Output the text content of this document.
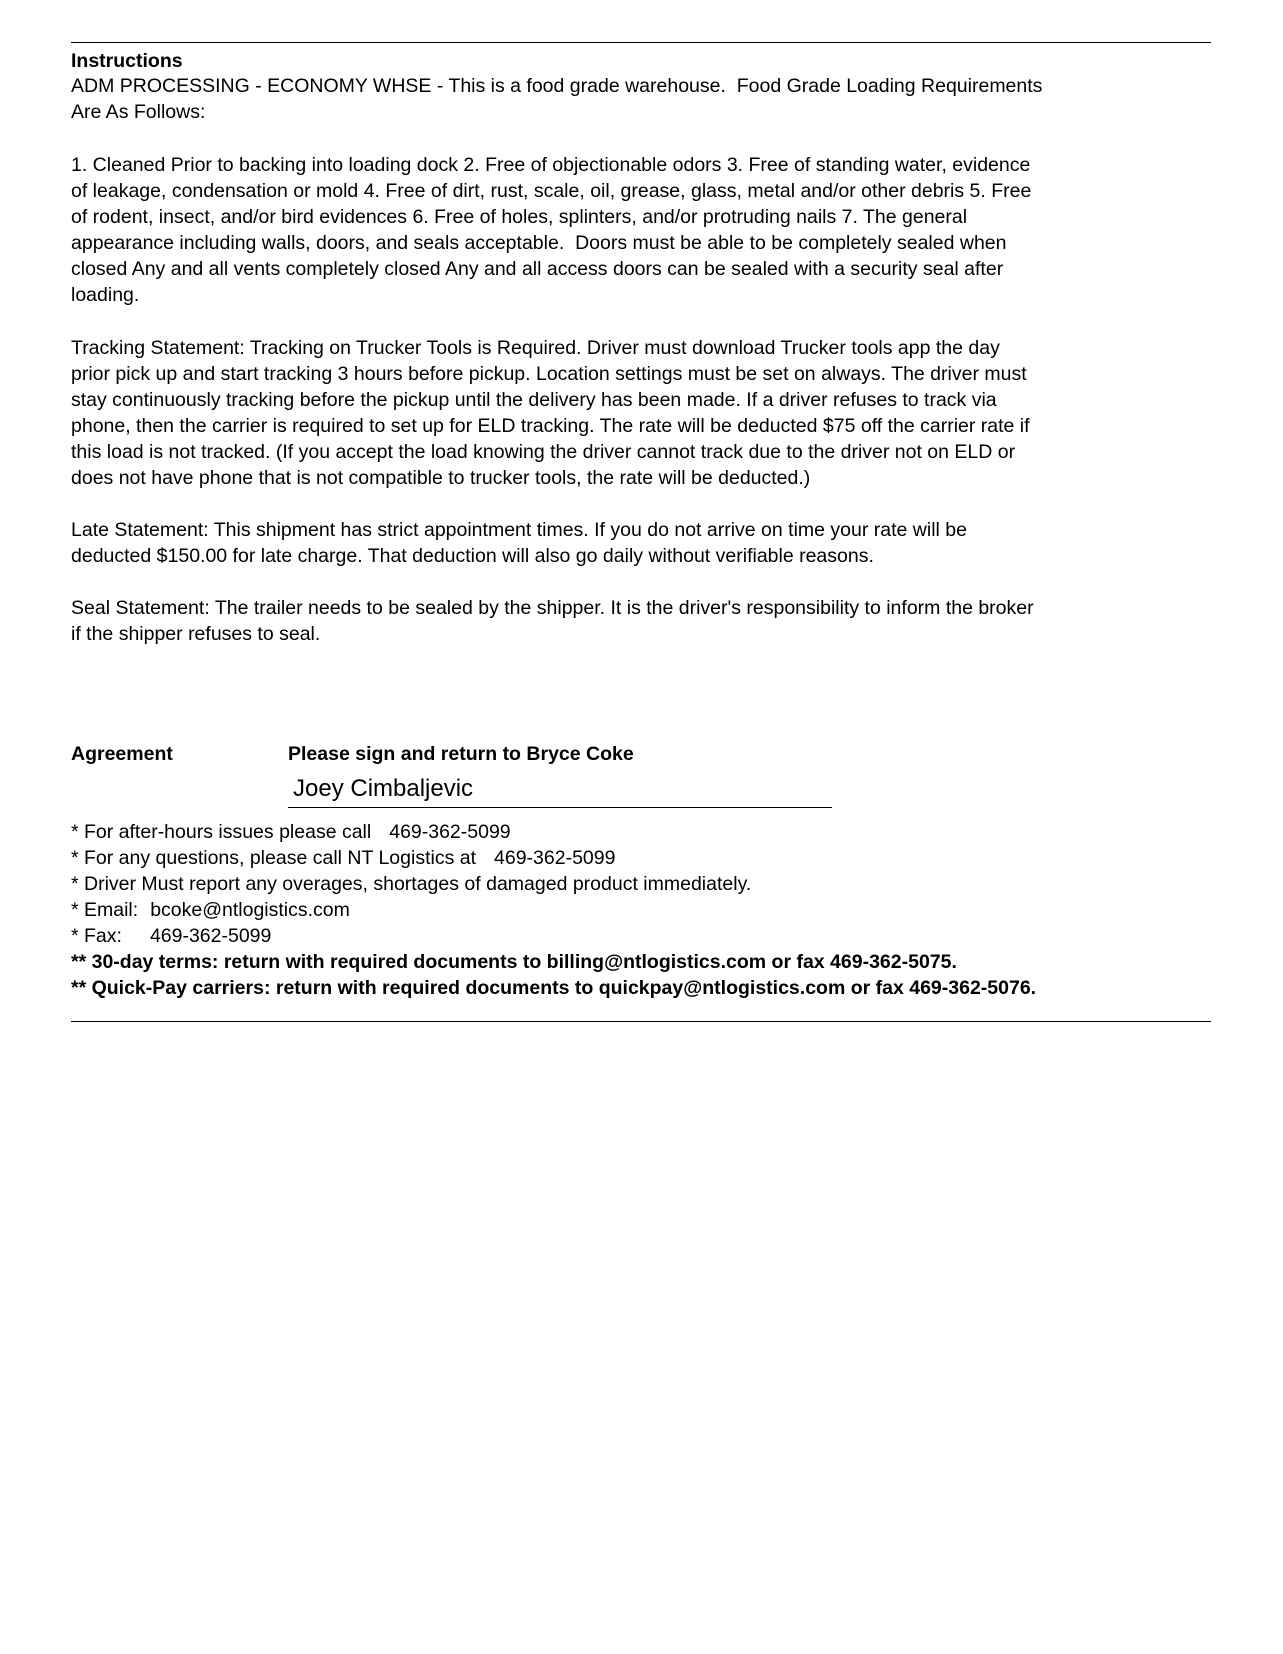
Instructions
ADM PROCESSING - ECONOMY WHSE - This is a food grade warehouse.  Food Grade Loading Requirements
Are As Follows:
1. Cleaned Prior to backing into loading dock 2. Free of objectionable odors 3. Free of standing water, evidence
of leakage, condensation or mold 4. Free of dirt, rust, scale, oil, grease, glass, metal and/or other debris 5. Free
of rodent, insect, and/or bird evidences 6. Free of holes, splinters, and/or protruding nails 7. The general
appearance including walls, doors, and seals acceptable.  Doors must be able to be completely sealed when
closed Any and all vents completely closed Any and all access doors can be sealed with a security seal after
loading.
Tracking Statement: Tracking on Trucker Tools is Required. Driver must download Trucker tools app the day
prior pick up and start tracking 3 hours before pickup. Location settings must be set on always. The driver must
stay continuously tracking before the pickup until the delivery has been made. If a driver refuses to track via
phone, then the carrier is required to set up for ELD tracking. The rate will be deducted $75 off the carrier rate if
this load is not tracked. (If you accept the load knowing the driver cannot track due to the driver not on ELD or
does not have phone that is not compatible to trucker tools, the rate will be deducted.)
Late Statement: This shipment has strict appointment times. If you do not arrive on time your rate will be
deducted $150.00 for late charge. That deduction will also go daily without verifiable reasons.
Seal Statement: The trailer needs to be sealed by the shipper. It is the driver's responsibility to inform the broker
if the shipper refuses to seal.
Agreement	Please sign and return to Bryce Coke
Joey Cimbaljevic
* For after-hours issues please call 469-362-5099
* For any questions, please call NT Logistics at 469-362-5099
* Driver Must report any overages, shortages of damaged product immediately.
* Email: bcoke@ntlogistics.com
* Fax: 469-362-5099
** 30-day terms: return with required documents to billing@ntlogistics.com or fax 469-362-5075.
** Quick-Pay carriers: return with required documents to quickpay@ntlogistics.com or fax 469-362-5076.
